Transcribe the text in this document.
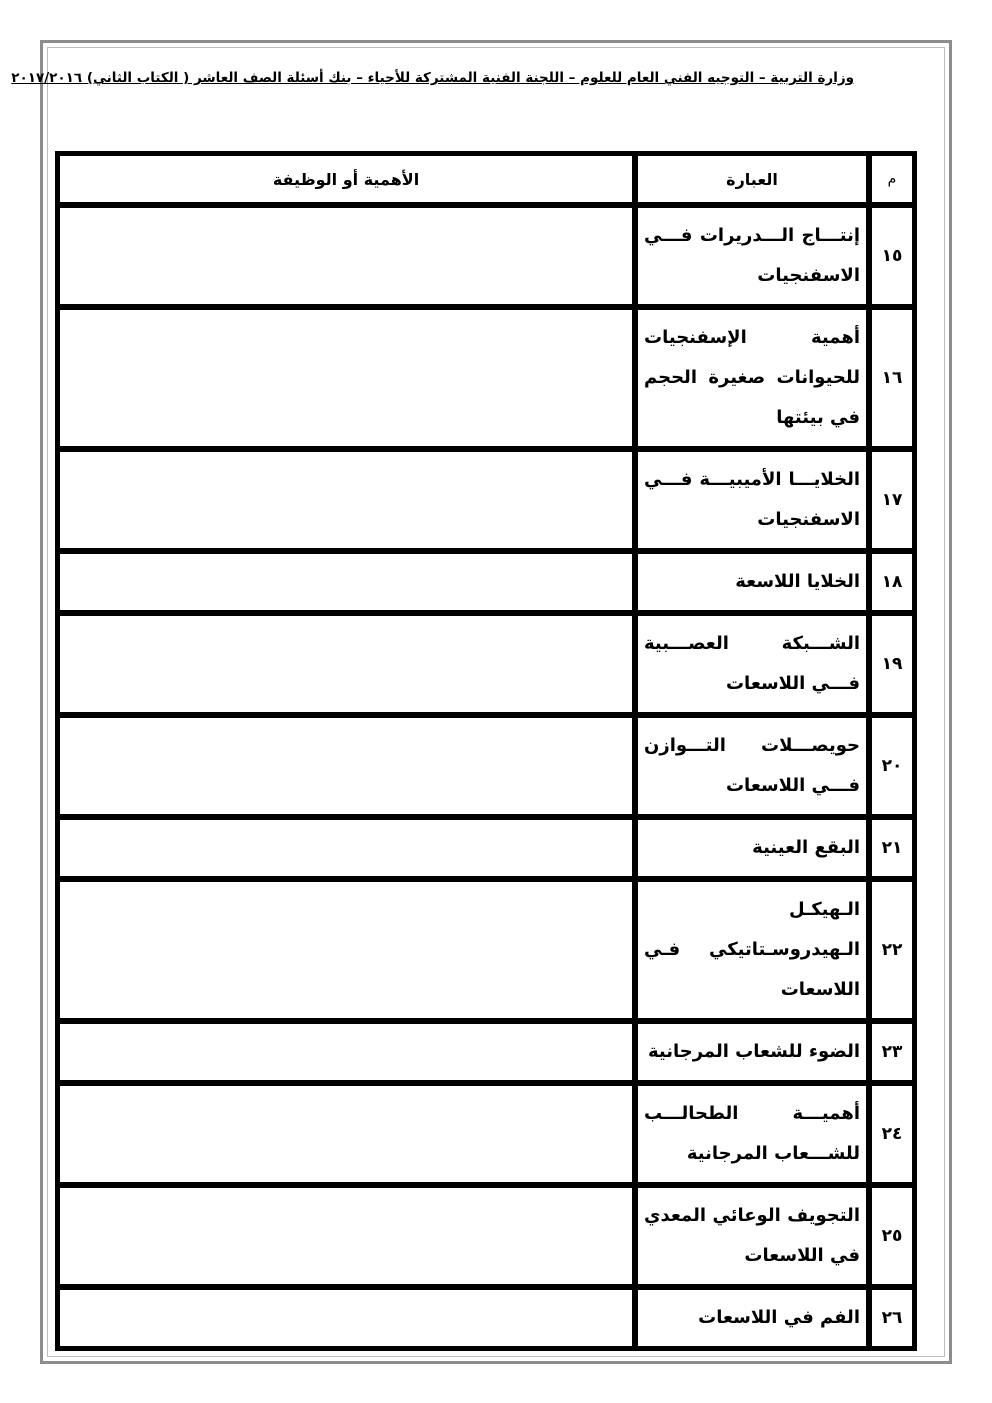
وزارة التربية – التوجيه الفني العام للعلوم – اللجنة الفنية المشتركة للأحياء – بنك أسئلة الصف العاشر ( الكتاب الثاني) ٢٠١٧/٢٠١٦
م	العبارة	الأهمية أو الوظيفة
١٥	إنتـــاج الـــدريرات فـــي الاسفنجيات	
١٦	أهمية الإسفنجيات للحيوانات صغيرة الحجم في بيئتها	
١٧	الخلايـــا الأميبيـــة فـــي الاسفنجيات	
١٨	الخلايا اللاسعة	
١٩	الشـــبكة العصـــبية فـــي اللاسعات	
٢٠	حويصـــلات التـــوازن فـــي اللاسعات	
٢١	البقع العينية	
٢٢	الـهيكـل الـهيدروسـتاتيكي فـي اللاسعات	
٢٣	الضوء للشعاب المرجانية	
٢٤	أهميـــة الطحالـــب للشـــعاب المرجانية	
٢٥	التجويف الوعائي المعدي في اللاسعات	
٢٦	الفم في اللاسعات	
